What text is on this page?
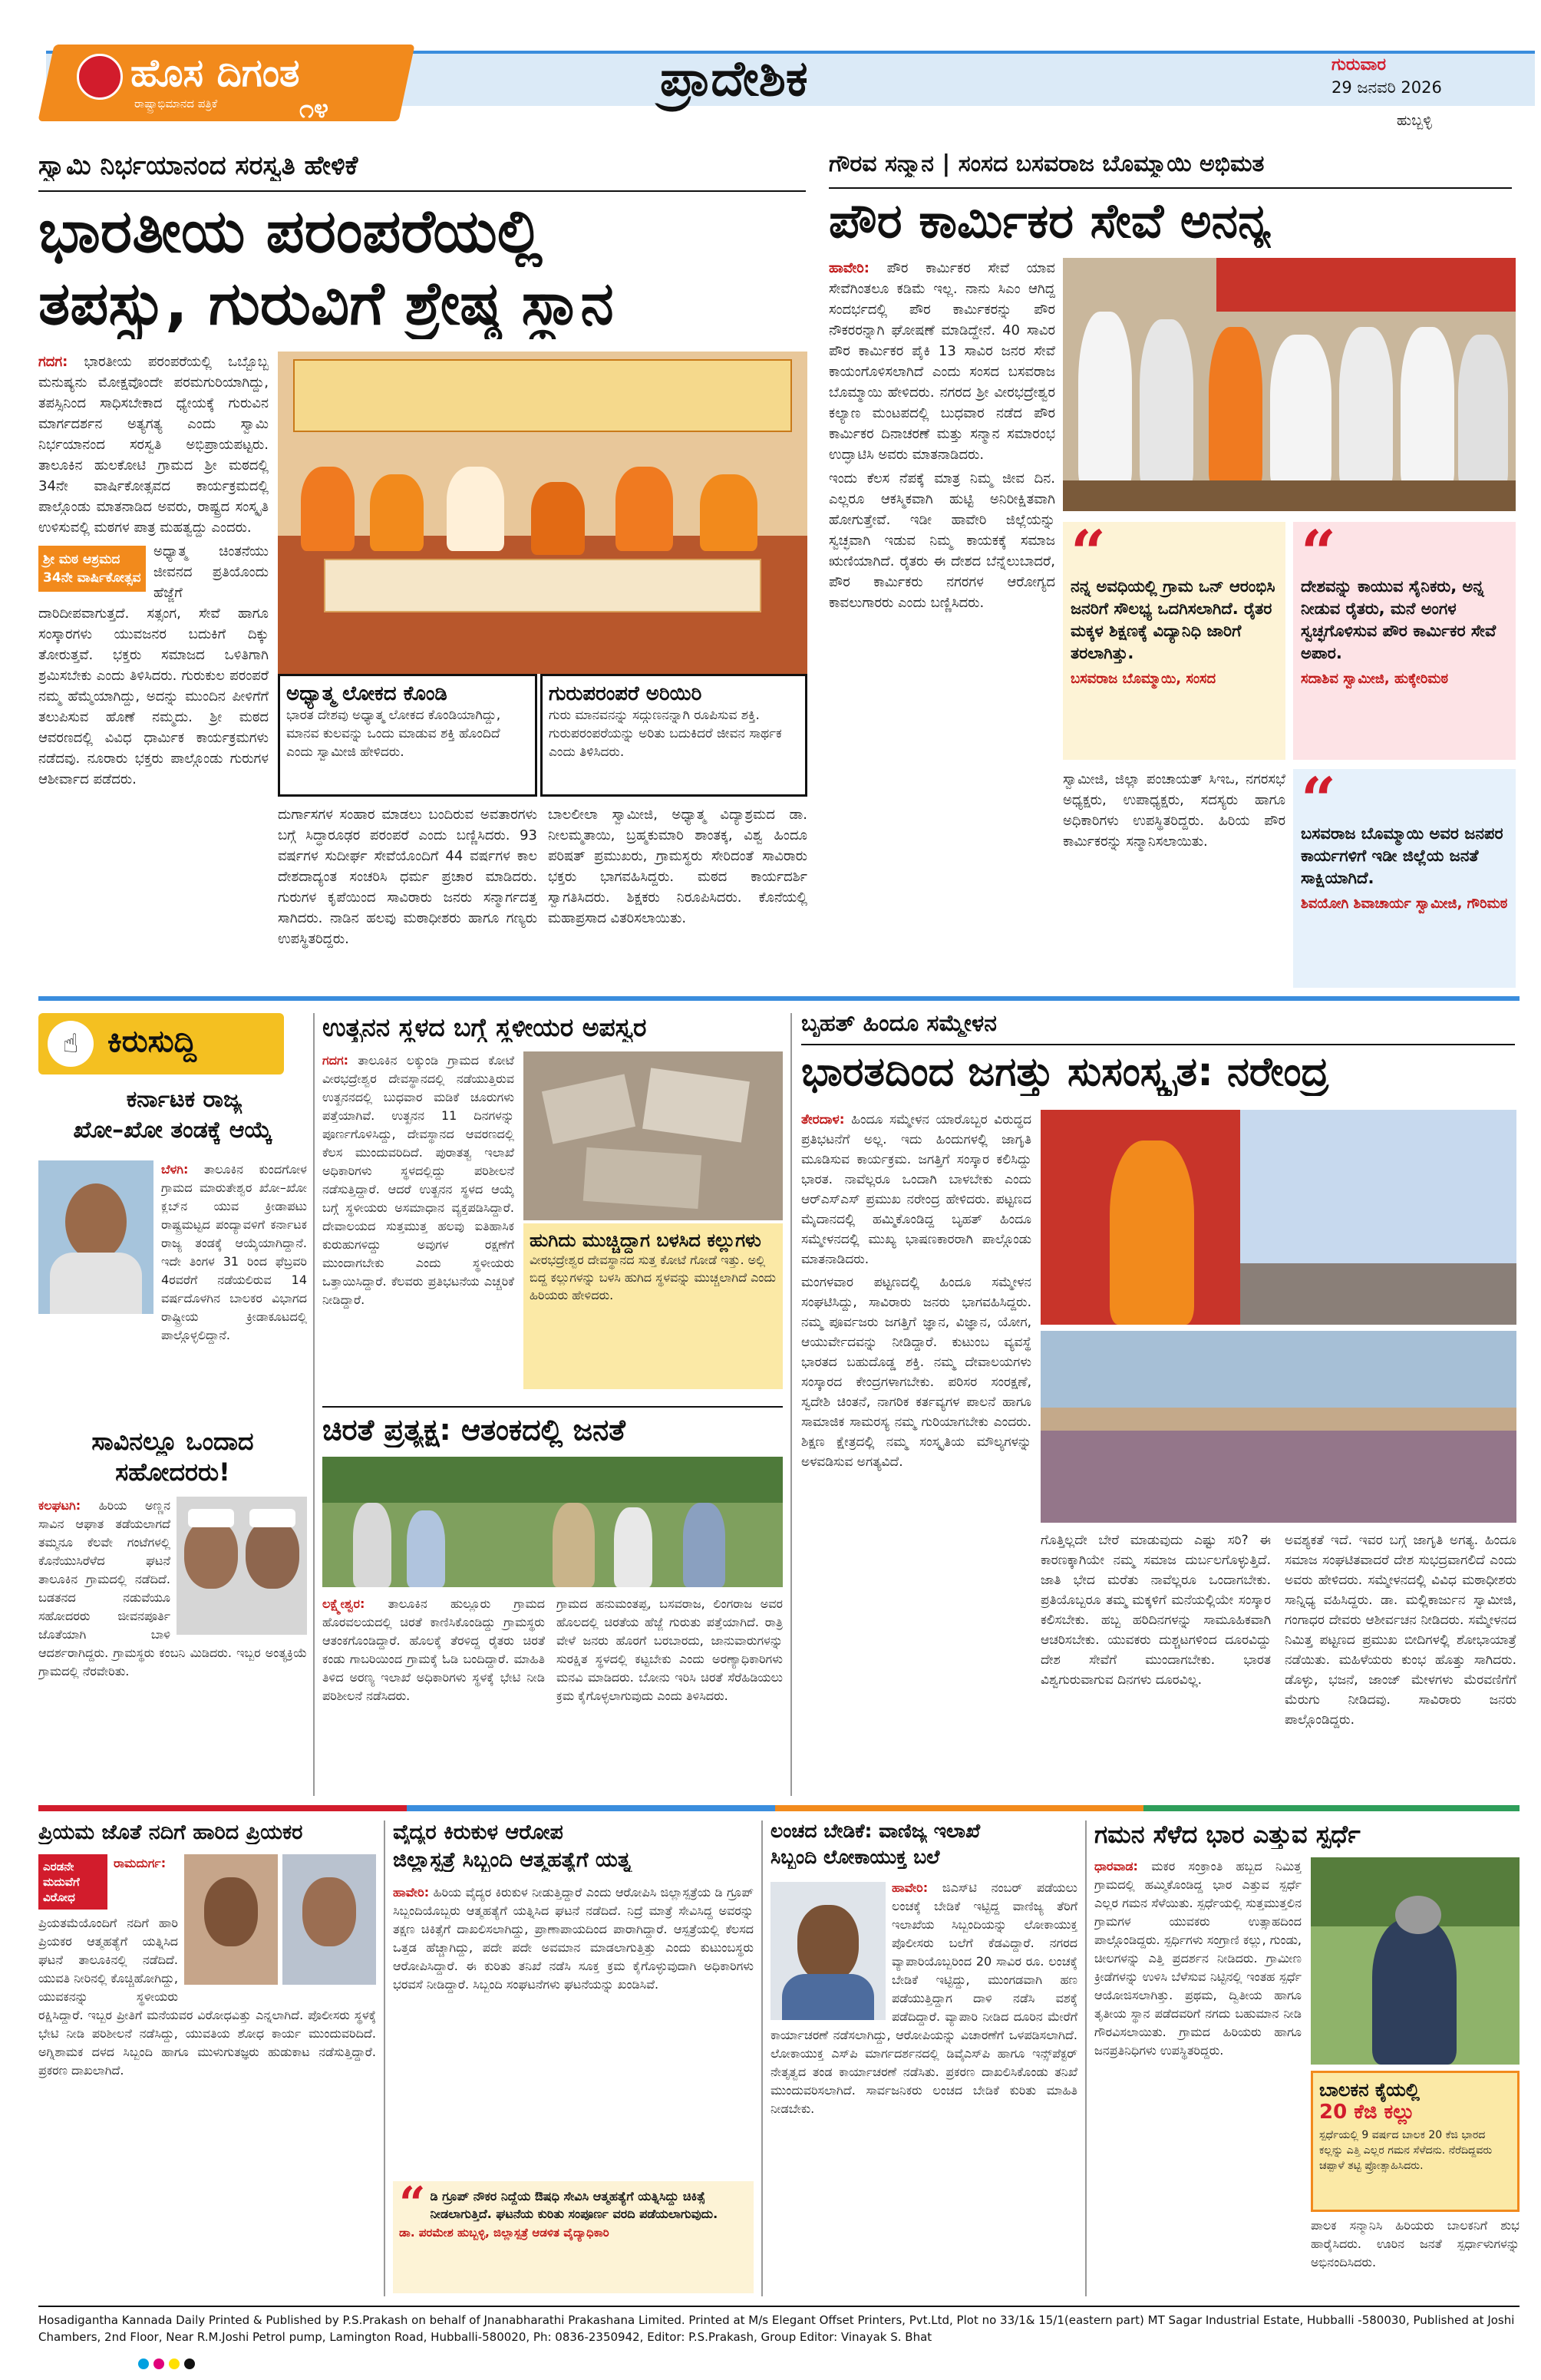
ಹೊಸ ದಿಗಂತ
ರಾಷ್ಟ್ರಾಭಿಮಾನದ ಪತ್ರಿಕೆ	೧೪
ಪ್ರಾದೇಶಿಕ	ಗುರುವಾರ
29 ಜನವರಿ 2026
ಹುಬ್ಬಳ್ಳಿ
ಸ್ವಾಮಿ ನಿರ್ಭಯಾನಂದ ಸರಸ್ವತಿ ಹೇಳಿಕೆ
ಭಾರತೀಯ ಪರಂಪರೆಯಲ್ಲಿ
ತಪಸ್ಸು, ಗುರುವಿಗೆ ಶ್ರೇಷ್ಠ ಸ್ಥಾನ

ಗದಗ: ಭಾರತೀಯ ಪರಂಪರೆಯಲ್ಲಿ ಒಬ್ಬೊಬ್ಬ ಮನುಷ್ಯನು ಮೋಕ್ಷವೊಂದೇ ಪರಮಗುರಿಯಾಗಿದ್ದು, ತಪಸ್ಸಿನಿಂದ ಸಾಧಿಸಬೇಕಾದ ಧ್ಯೇಯಕ್ಕೆ ಗುರುವಿನ ಮಾರ್ಗದರ್ಶನ ಅತ್ಯಗತ್ಯ ಎಂದು ಸ್ವಾಮಿ ನಿರ್ಭಯಾನಂದ ಸರಸ್ವತಿ ಅಭಿಪ್ರಾಯಪಟ್ಟರು. ತಾಲೂಕಿನ ಹುಲಕೋಟಿ ಗ್ರಾಮದ ಶ್ರೀ ಮಠದಲ್ಲಿ 34ನೇ ವಾರ್ಷಿಕೋತ್ಸವದ ಕಾರ್ಯಕ್ರಮದಲ್ಲಿ ಪಾಲ್ಗೊಂಡು ಮಾತನಾಡಿದ ಅವರು, ರಾಷ್ಟ್ರದ ಸಂಸ್ಕೃತಿ ಉಳಿಸುವಲ್ಲಿ ಮಠಗಳ ಪಾತ್ರ ಮಹತ್ವದ್ದು ಎಂದರು.

ಶ್ರೀ ಮಠ ಆಶ್ರಮದ 34ನೇ ವಾರ್ಷಿಕೋತ್ಸವ

ಅಧ್ಯಾತ್ಮ ಚಿಂತನೆಯು ಜೀವನದ ಪ್ರತಿಯೊಂದು ಹೆಜ್ಜೆಗೆ ದಾರಿದೀಪವಾಗುತ್ತದೆ. ಸತ್ಸಂಗ, ಸೇವೆ ಹಾಗೂ ಸಂಸ್ಕಾರಗಳು ಯುವಜನರ ಬದುಕಿಗೆ ದಿಕ್ಕು ತೋರುತ್ತವೆ. ಭಕ್ತರು ಸಮಾಜದ ಒಳಿತಿಗಾಗಿ ಶ್ರಮಿಸಬೇಕು ಎಂದು ತಿಳಿಸಿದರು. ಗುರುಕುಲ ಪರಂಪರೆ ನಮ್ಮ ಹೆಮ್ಮೆಯಾಗಿದ್ದು, ಅದನ್ನು ಮುಂದಿನ ಪೀಳಿಗೆಗೆ ತಲುಪಿಸುವ ಹೊಣೆ ನಮ್ಮದು. ಶ್ರೀ ಮಠದ ಆವರಣದಲ್ಲಿ ವಿವಿಧ ಧಾರ್ಮಿಕ ಕಾರ್ಯಕ್ರಮಗಳು ನಡೆದವು. ನೂರಾರು ಭಕ್ತರು ಪಾಲ್ಗೊಂಡು ಗುರುಗಳ ಆಶೀರ್ವಾದ ಪಡೆದರು.

ಅಧ್ಯಾತ್ಮ ಲೋಕದ ಕೊಂಡಿ
ಭಾರತ ದೇಶವು ಅಧ್ಯಾತ್ಮ ಲೋಕದ ಕೊಂಡಿಯಾಗಿದ್ದು, ಮಾನವ ಕುಲವನ್ನು ಒಂದು ಮಾಡುವ ಶಕ್ತಿ ಹೊಂದಿದೆ ಎಂದು ಸ್ವಾಮೀಜಿ ಹೇಳಿದರು.
ಗುರುಪರಂಪರೆ ಅರಿಯಿರಿ
ಗುರು ಮಾನವನನ್ನು ಸದ್ಗುಣನನ್ನಾಗಿ ರೂಪಿಸುವ ಶಕ್ತಿ. ಗುರುಪರಂಪರೆಯನ್ನು ಅರಿತು ಬದುಕಿದರೆ ಜೀವನ ಸಾರ್ಥಕ ಎಂದು ತಿಳಿಸಿದರು.
ದುರ್ಗಾಸಗಳ ಸಂಹಾರ ಮಾಡಲು ಬಂದಿರುವ ಅವತಾರಗಳು ಬಗ್ಗೆ ಸಿದ್ಧಾರೂಢರ ಪರಂಪರೆ ಎಂದು ಬಣ್ಣಿಸಿದರು. 93 ವರ್ಷಗಳ ಸುದೀರ್ಘ ಸೇವೆಯೊಂದಿಗೆ 44 ವರ್ಷಗಳ ಕಾಲ ದೇಶದಾದ್ಯಂತ ಸಂಚರಿಸಿ ಧರ್ಮ ಪ್ರಚಾರ ಮಾಡಿದರು. ಗುರುಗಳ ಕೃಪೆಯಿಂದ ಸಾವಿರಾರು ಜನರು ಸನ್ಮಾರ್ಗದತ್ತ ಸಾಗಿದರು. ನಾಡಿನ ಹಲವು ಮಠಾಧೀಶರು ಹಾಗೂ ಗಣ್ಯರು ಉಪಸ್ಥಿತರಿದ್ದರು.
ಬಾಲಲೀಲಾ ಸ್ವಾಮೀಜಿ, ಅಧ್ಯಾತ್ಮ ವಿದ್ಯಾಶ್ರಮದ ಡಾ. ನೀಲಮ್ಮತಾಯಿ, ಬ್ರಹ್ಮಕುಮಾರಿ ಶಾಂತಕ್ಕ, ವಿಶ್ವ ಹಿಂದೂ ಪರಿಷತ್ ಪ್ರಮುಖರು, ಗ್ರಾಮಸ್ಥರು ಸೇರಿದಂತೆ ಸಾವಿರಾರು ಭಕ್ತರು ಭಾಗವಹಿಸಿದ್ದರು. ಮಠದ ಕಾರ್ಯದರ್ಶಿ ಸ್ವಾಗತಿಸಿದರು. ಶಿಕ್ಷಕರು ನಿರೂಪಿಸಿದರು. ಕೊನೆಯಲ್ಲಿ ಮಹಾಪ್ರಸಾದ ವಿತರಿಸಲಾಯಿತು.
ಗೌರವ ಸನ್ಮಾನ | ಸಂಸದ ಬಸವರಾಜ ಬೊಮ್ಮಾಯಿ ಅಭಿಮತ
ಪೌರ ಕಾರ್ಮಿಕರ ಸೇವೆ ಅನನ್ಯ

ಹಾವೇರಿ: ಪೌರ ಕಾರ್ಮಿಕರ ಸೇವೆ ಯಾವ ಸೇವೆಗಿಂತಲೂ ಕಡಿಮೆ ಇಲ್ಲ. ನಾನು ಸಿಎಂ ಆಗಿದ್ದ ಸಂದರ್ಭದಲ್ಲಿ ಪೌರ ಕಾರ್ಮಿಕರನ್ನು ಪೌರ ನೌಕರರನ್ನಾಗಿ ಘೋಷಣೆ ಮಾಡಿದ್ದೇನೆ. 40 ಸಾವಿರ ಪೌರ ಕಾರ್ಮಿಕರ ಪೈಕಿ 13 ಸಾವಿರ ಜನರ ಸೇವೆ ಕಾಯಂಗೊಳಿಸಲಾಗಿದೆ ಎಂದು ಸಂಸದ ಬಸವರಾಜ ಬೊಮ್ಮಾಯಿ ಹೇಳಿದರು. ನಗರದ ಶ್ರೀ ವೀರಭದ್ರೇಶ್ವರ ಕಲ್ಯಾಣ ಮಂಟಪದಲ್ಲಿ ಬುಧವಾರ ನಡೆದ ಪೌರ ಕಾರ್ಮಿಕರ ದಿನಾಚರಣೆ ಮತ್ತು ಸನ್ಮಾನ ಸಮಾರಂಭ ಉದ್ಘಾಟಿಸಿ ಅವರು ಮಾತನಾಡಿದರು.

ಇಂದು ಕೆಲಸ ನೆಪಕ್ಕೆ ಮಾತ್ರ ನಿಮ್ಮ ಜೀವ ದಿನ. ಎಲ್ಲರೂ ಆಕಸ್ಮಿಕವಾಗಿ ಹುಟ್ಟಿ ಅನಿರೀಕ್ಷಿತವಾಗಿ ಹೋಗುತ್ತೇವೆ. ಇಡೀ ಹಾವೇರಿ ಜಿಲ್ಲೆಯನ್ನು ಸ್ವಚ್ಛವಾಗಿ ಇಡುವ ನಿಮ್ಮ ಕಾಯಕಕ್ಕೆ ಸಮಾಜ ಋಣಿಯಾಗಿದೆ. ರೈತರು ಈ ದೇಶದ ಬೆನ್ನೆಲುಬಾದರೆ, ಪೌರ ಕಾರ್ಮಿಕರು ನಗರಗಳ ಆರೋಗ್ಯದ ಕಾವಲುಗಾರರು ಎಂದು ಬಣ್ಣಿಸಿದರು.

“
ನನ್ನ ಅವಧಿಯಲ್ಲಿ ಗ್ರಾಮ ಒನ್ ಆರಂಭಿಸಿ ಜನರಿಗೆ ಸೌಲಭ್ಯ ಒದಗಿಸಲಾಗಿದೆ. ರೈತರ ಮಕ್ಕಳ ಶಿಕ್ಷಣಕ್ಕೆ ವಿದ್ಯಾನಿಧಿ ಜಾರಿಗೆ ತರಲಾಗಿತ್ತು.
ಬಸವರಾಜ ಬೊಮ್ಮಾಯಿ, ಸಂಸದ
“
ದೇಶವನ್ನು ಕಾಯುವ ಸೈನಿಕರು, ಅನ್ನ ನೀಡುವ ರೈತರು, ಮನೆ ಅಂಗಳ ಸ್ವಚ್ಛಗೊಳಿಸುವ ಪೌರ ಕಾರ್ಮಿಕರ ಸೇವೆ ಅಪಾರ.
ಸದಾಶಿವ ಸ್ವಾಮೀಜಿ, ಹುಕ್ಕೇರಿಮಠ
ಸ್ವಾಮೀಜಿ, ಜಿಲ್ಲಾ ಪಂಚಾಯತ್ ಸಿಇಒ, ನಗರಸಭೆ ಅಧ್ಯಕ್ಷರು, ಉಪಾಧ್ಯಕ್ಷರು, ಸದಸ್ಯರು ಹಾಗೂ ಅಧಿಕಾರಿಗಳು ಉಪಸ್ಥಿತರಿದ್ದರು. ಹಿರಿಯ ಪೌರ ಕಾರ್ಮಿಕರನ್ನು ಸನ್ಮಾನಿಸಲಾಯಿತು.
“
ಬಸವರಾಜ ಬೊಮ್ಮಾಯಿ ಅವರ ಜನಪರ ಕಾರ್ಯಗಳಿಗೆ ಇಡೀ ಜಿಲ್ಲೆಯ ಜನತೆ ಸಾಕ್ಷಿಯಾಗಿದೆ.
ಶಿವಯೋಗಿ ಶಿವಾಚಾರ್ಯ ಸ್ವಾಮೀಜಿ, ಗೌರಿಮಠ
☝ ಕಿರುಸುದ್ದಿ
ಕರ್ನಾಟಕ ರಾಜ್ಯ
ಖೋ–ಖೋ ತಂಡಕ್ಕೆ ಆಯ್ಕೆ
ಬೆಳಗಿ: ತಾಲೂಕಿನ ಕುಂದಗೋಳ ಗ್ರಾಮದ ಮಾರುತೇಶ್ವರ ಖೋ–ಖೋ ಕ್ಲಬ್‌ನ ಯುವ ಕ್ರೀಡಾಪಟು ರಾಷ್ಟ್ರಮಟ್ಟದ ಪಂದ್ಯಾವಳಿಗೆ ಕರ್ನಾಟಕ ರಾಜ್ಯ ತಂಡಕ್ಕೆ ಆಯ್ಕೆಯಾಗಿದ್ದಾನೆ. ಇದೇ ತಿಂಗಳ 31 ರಿಂದ ಫೆಬ್ರವರಿ 4ರವರೆಗೆ ನಡೆಯಲಿರುವ 14 ವರ್ಷದೊಳಗಿನ ಬಾಲಕರ ವಿಭಾಗದ ರಾಷ್ಟ್ರೀಯ ಕ್ರೀಡಾಕೂಟದಲ್ಲಿ ಪಾಲ್ಗೊಳ್ಳಲಿದ್ದಾನೆ.
ಸಾವಿನಲ್ಲೂ ಒಂದಾದ
ಸಹೋದರರು!
ಕಲಘಟಗಿ: ಹಿರಿಯ ಅಣ್ಣನ ಸಾವಿನ ಆಘಾತ ತಡೆಯಲಾಗದೆ ತಮ್ಮನೂ ಕೆಲವೇ ಗಂಟೆಗಳಲ್ಲಿ ಕೊನೆಯುಸಿರೆಳೆದ ಘಟನೆ ತಾಲೂಕಿನ ಗ್ರಾಮದಲ್ಲಿ ನಡೆದಿದೆ. ಬಡತನದ ನಡುವೆಯೂ ಸಹೋದರರು ಜೀವನಪೂರ್ತಿ ಜೊತೆಯಾಗಿ ಬಾಳಿ ಆದರ್ಶರಾಗಿದ್ದರು. ಗ್ರಾಮಸ್ಥರು ಕಂಬನಿ ಮಿಡಿದರು. ಇಬ್ಬರ ಅಂತ್ಯಕ್ರಿಯೆ ಗ್ರಾಮದಲ್ಲಿ ನೆರವೇರಿತು.
ಉತ್ಖನನ ಸ್ಥಳದ ಬಗ್ಗೆ ಸ್ಥಳೀಯರ ಅಪಸ್ವರ
ಗದಗ: ತಾಲೂಕಿನ ಲಕ್ಕುಂಡಿ ಗ್ರಾಮದ ಕೋಟೆ ವೀರಭದ್ರೇಶ್ವರ ದೇವಸ್ಥಾನದಲ್ಲಿ ನಡೆಯುತ್ತಿರುವ ಉತ್ಖನನದಲ್ಲಿ ಬುಧವಾರ ಮಡಿಕೆ ಚೂರುಗಳು ಪತ್ತೆಯಾಗಿವೆ. ಉತ್ಖನನ 11 ದಿನಗಳನ್ನು ಪೂರ್ಣಗೊಳಿಸಿದ್ದು, ದೇವಸ್ಥಾನದ ಆವರಣದಲ್ಲಿ ಕೆಲಸ ಮುಂದುವರಿದಿದೆ. ಪುರಾತತ್ವ ಇಲಾಖೆ ಅಧಿಕಾರಿಗಳು ಸ್ಥಳದಲ್ಲಿದ್ದು ಪರಿಶೀಲನೆ ನಡೆಸುತ್ತಿದ್ದಾರೆ. ಆದರೆ ಉತ್ಖನನ ಸ್ಥಳದ ಆಯ್ಕೆ ಬಗ್ಗೆ ಸ್ಥಳೀಯರು ಅಸಮಾಧಾನ ವ್ಯಕ್ತಪಡಿಸಿದ್ದಾರೆ. ದೇವಾಲಯದ ಸುತ್ತಮುತ್ತ ಹಲವು ಐತಿಹಾಸಿಕ ಕುರುಹುಗಳಿದ್ದು ಅವುಗಳ ರಕ್ಷಣೆಗೆ ಮುಂದಾಗಬೇಕು ಎಂದು ಸ್ಥಳೀಯರು ಒತ್ತಾಯಿಸಿದ್ದಾರೆ. ಕೆಲವರು ಪ್ರತಿಭಟನೆಯ ಎಚ್ಚರಿಕೆ ನೀಡಿದ್ದಾರೆ.
ಹುಗಿದು ಮುಚ್ಚಿದ್ದಾಗ ಬಳಸಿದ ಕಲ್ಲುಗಳು
ವೀರಭದ್ರೇಶ್ವರ ದೇವಸ್ಥಾನದ ಸುತ್ತ ಕೋಟೆ ಗೋಡೆ ಇತ್ತು. ಅಲ್ಲಿ ಬಿದ್ದ ಕಲ್ಲುಗಳನ್ನು ಬಳಸಿ ಹುಗಿದ ಸ್ಥಳವನ್ನು ಮುಚ್ಚಲಾಗಿದೆ ಎಂದು ಹಿರಿಯರು ಹೇಳಿದರು.
ಚಿರತೆ ಪ್ರತ್ಯಕ್ಷ: ಆತಂಕದಲ್ಲಿ ಜನತೆ
ಲಕ್ಷ್ಮೇಶ್ವರ: ತಾಲೂಕಿನ ಹುಲ್ಲೂರು ಗ್ರಾಮದ ಹೊರವಲಯದಲ್ಲಿ ಚಿರತೆ ಕಾಣಿಸಿಕೊಂಡಿದ್ದು ಗ್ರಾಮಸ್ಥರು ಆತಂಕಗೊಂಡಿದ್ದಾರೆ. ಹೊಲಕ್ಕೆ ತೆರಳಿದ್ದ ರೈತರು ಚಿರತೆ ಕಂಡು ಗಾಬರಿಯಿಂದ ಗ್ರಾಮಕ್ಕೆ ಓಡಿ ಬಂದಿದ್ದಾರೆ. ಮಾಹಿತಿ ತಿಳಿದ ಅರಣ್ಯ ಇಲಾಖೆ ಅಧಿಕಾರಿಗಳು ಸ್ಥಳಕ್ಕೆ ಭೇಟಿ ನೀಡಿ ಪರಿಶೀಲನೆ ನಡೆಸಿದರು.
ಗ್ರಾಮದ ಹನುಮಂತಪ್ಪ, ಬಸವರಾಜ, ಲಿಂಗರಾಜ ಅವರ ಹೊಲದಲ್ಲಿ ಚಿರತೆಯ ಹೆಜ್ಜೆ ಗುರುತು ಪತ್ತೆಯಾಗಿದೆ. ರಾತ್ರಿ ವೇಳೆ ಜನರು ಹೊರಗೆ ಬರಬಾರದು, ಜಾನುವಾರುಗಳನ್ನು ಸುರಕ್ಷಿತ ಸ್ಥಳದಲ್ಲಿ ಕಟ್ಟಬೇಕು ಎಂದು ಅರಣ್ಯಾಧಿಕಾರಿಗಳು ಮನವಿ ಮಾಡಿದರು. ಬೋನು ಇರಿಸಿ ಚಿರತೆ ಸೆರೆಹಿಡಿಯಲು ಕ್ರಮ ಕೈಗೊಳ್ಳಲಾಗುವುದು ಎಂದು ತಿಳಿಸಿದರು.
ಬೃಹತ್ ಹಿಂದೂ ಸಮ್ಮೇಳನ
ಭಾರತದಿಂದ ಜಗತ್ತು ಸುಸಂಸ್ಕೃತ: ನರೇಂದ್ರ

ತೇರದಾಳ: ಹಿಂದೂ ಸಮ್ಮೇಳನ ಯಾರೊಬ್ಬರ ವಿರುದ್ಧದ ಪ್ರತಿಭಟನೆಗೆ ಅಲ್ಲ. ಇದು ಹಿಂದುಗಳಲ್ಲಿ ಜಾಗೃತಿ ಮೂಡಿಸುವ ಕಾರ್ಯಕ್ರಮ. ಜಗತ್ತಿಗೆ ಸಂಸ್ಕಾರ ಕಲಿಸಿದ್ದು ಭಾರತ. ನಾವೆಲ್ಲರೂ ಒಂದಾಗಿ ಬಾಳಬೇಕು ಎಂದು ಆರ್‌ಎಸ್‌ಎಸ್ ಪ್ರಮುಖ ನರೇಂದ್ರ ಹೇಳಿದರು. ಪಟ್ಟಣದ ಮೈದಾನದಲ್ಲಿ ಹಮ್ಮಿಕೊಂಡಿದ್ದ ಬೃಹತ್ ಹಿಂದೂ ಸಮ್ಮೇಳನದಲ್ಲಿ ಮುಖ್ಯ ಭಾಷಣಕಾರರಾಗಿ ಪಾಲ್ಗೊಂಡು ಮಾತನಾಡಿದರು.

ಮಂಗಳವಾರ ಪಟ್ಟಣದಲ್ಲಿ ಹಿಂದೂ ಸಮ್ಮೇಳನ ಸಂಘಟಿಸಿದ್ದು, ಸಾವಿರಾರು ಜನರು ಭಾಗವಹಿಸಿದ್ದರು. ನಮ್ಮ ಪೂರ್ವಜರು ಜಗತ್ತಿಗೆ ಜ್ಞಾನ, ವಿಜ್ಞಾನ, ಯೋಗ, ಆಯುರ್ವೇದವನ್ನು ನೀಡಿದ್ದಾರೆ. ಕುಟುಂಬ ವ್ಯವಸ್ಥೆ ಭಾರತದ ಬಹುದೊಡ್ಡ ಶಕ್ತಿ. ನಮ್ಮ ದೇವಾಲಯಗಳು ಸಂಸ್ಕಾರದ ಕೇಂದ್ರಗಳಾಗಬೇಕು. ಪರಿಸರ ಸಂರಕ್ಷಣೆ, ಸ್ವದೇಶಿ ಚಿಂತನೆ, ನಾಗರಿಕ ಕರ್ತವ್ಯಗಳ ಪಾಲನೆ ಹಾಗೂ ಸಾಮಾಜಿಕ ಸಾಮರಸ್ಯ ನಮ್ಮ ಗುರಿಯಾಗಬೇಕು ಎಂದರು. ಶಿಕ್ಷಣ ಕ್ಷೇತ್ರದಲ್ಲಿ ನಮ್ಮ ಸಂಸ್ಕೃತಿಯ ಮೌಲ್ಯಗಳನ್ನು ಅಳವಡಿಸುವ ಅಗತ್ಯವಿದೆ.

ಗೊತ್ತಿಲ್ಲದೇ ಬೇರೆ ಮಾಡುವುದು ಎಷ್ಟು ಸರಿ? ಈ ಕಾರಣಕ್ಕಾಗಿಯೇ ನಮ್ಮ ಸಮಾಜ ದುರ್ಬಲಗೊಳ್ಳುತ್ತಿದೆ. ಜಾತಿ ಭೇದ ಮರೆತು ನಾವೆಲ್ಲರೂ ಒಂದಾಗಬೇಕು. ಪ್ರತಿಯೊಬ್ಬರೂ ತಮ್ಮ ಮಕ್ಕಳಿಗೆ ಮನೆಯಲ್ಲಿಯೇ ಸಂಸ್ಕಾರ ಕಲಿಸಬೇಕು. ಹಬ್ಬ ಹರಿದಿನಗಳನ್ನು ಸಾಮೂಹಿಕವಾಗಿ ಆಚರಿಸಬೇಕು. ಯುವಕರು ದುಶ್ಚಟಗಳಿಂದ ದೂರವಿದ್ದು ದೇಶ ಸೇವೆಗೆ ಮುಂದಾಗಬೇಕು. ಭಾರತ ವಿಶ್ವಗುರುವಾಗುವ ದಿನಗಳು ದೂರವಿಲ್ಲ.
ಅವಶ್ಯಕತೆ ಇದೆ. ಇವರ ಬಗ್ಗೆ ಜಾಗೃತಿ ಅಗತ್ಯ. ಹಿಂದೂ ಸಮಾಜ ಸಂಘಟಿತವಾದರೆ ದೇಶ ಸುಭದ್ರವಾಗಲಿದೆ ಎಂದು ಅವರು ಹೇಳಿದರು. ಸಮ್ಮೇಳನದಲ್ಲಿ ವಿವಿಧ ಮಠಾಧೀಶರು ಸಾನ್ನಿಧ್ಯ ವಹಿಸಿದ್ದರು. ಡಾ. ಮಲ್ಲಿಕಾರ್ಜುನ ಸ್ವಾಮೀಜಿ, ಗಂಗಾಧರ ದೇವರು ಆಶೀರ್ವಚನ ನೀಡಿದರು. ಸಮ್ಮೇಳನದ ನಿಮಿತ್ತ ಪಟ್ಟಣದ ಪ್ರಮುಖ ಬೀದಿಗಳಲ್ಲಿ ಶೋಭಾಯಾತ್ರೆ ನಡೆಯಿತು. ಮಹಿಳೆಯರು ಕುಂಭ ಹೊತ್ತು ಸಾಗಿದರು. ಡೊಳ್ಳು, ಭಜನೆ, ಜಾಂಜ್ ಮೇಳಗಳು ಮೆರವಣಿಗೆಗೆ ಮೆರುಗು ನೀಡಿದವು. ಸಾವಿರಾರು ಜನರು ಪಾಲ್ಗೊಂಡಿದ್ದರು.
ಪ್ರಿಯಮ ಜೊತೆ ನದಿಗೆ ಹಾರಿದ ಪ್ರಿಯಕರ
ಎರಡನೇ ಮದುವೆಗೆ ವಿರೋಧ
ರಾಮದುರ್ಗ: ಪ್ರಿಯತಮೆಯೊಂದಿಗೆ ನದಿಗೆ ಹಾರಿ ಪ್ರಿಯಕರ ಆತ್ಮಹತ್ಯೆಗೆ ಯತ್ನಿಸಿದ ಘಟನೆ ತಾಲೂಕಿನಲ್ಲಿ ನಡೆದಿದೆ. ಯುವತಿ ನೀರಿನಲ್ಲಿ ಕೊಚ್ಚಿಹೋಗಿದ್ದು, ಯುವಕನನ್ನು ಸ್ಥಳೀಯರು ರಕ್ಷಿಸಿದ್ದಾರೆ. ಇಬ್ಬರ ಪ್ರೀತಿಗೆ ಮನೆಯವರ ವಿರೋಧವಿತ್ತು ಎನ್ನಲಾಗಿದೆ. ಪೊಲೀಸರು ಸ್ಥಳಕ್ಕೆ ಭೇಟಿ ನೀಡಿ ಪರಿಶೀಲನೆ ನಡೆಸಿದ್ದು, ಯುವತಿಯ ಶೋಧ ಕಾರ್ಯ ಮುಂದುವರಿದಿದೆ. ಅಗ್ನಿಶಾಮಕ ದಳದ ಸಿಬ್ಬಂದಿ ಹಾಗೂ ಮುಳುಗುತಜ್ಞರು ಹುಡುಕಾಟ ನಡೆಸುತ್ತಿದ್ದಾರೆ. ಪ್ರಕರಣ ದಾಖಲಾಗಿದೆ.
ವೈದ್ಯರ ಕಿರುಕುಳ ಆರೋಪ
ಜಿಲ್ಲಾಸ್ಪತ್ರೆ ಸಿಬ್ಬಂದಿ ಆತ್ಮಹತ್ಯೆಗೆ ಯತ್ನ
ಹಾವೇರಿ: ಹಿರಿಯ ವೈದ್ಯರ ಕಿರುಕುಳ ನೀಡುತ್ತಿದ್ದಾರೆ ಎಂದು ಆರೋಪಿಸಿ ಜಿಲ್ಲಾಸ್ಪತ್ರೆಯ ಡಿ ಗ್ರೂಪ್ ಸಿಬ್ಬಂದಿಯೊಬ್ಬರು ಆತ್ಮಹತ್ಯೆಗೆ ಯತ್ನಿಸಿದ ಘಟನೆ ನಡೆದಿದೆ. ನಿದ್ರೆ ಮಾತ್ರೆ ಸೇವಿಸಿದ್ದ ಅವರನ್ನು ತಕ್ಷಣ ಚಿಕಿತ್ಸೆಗೆ ದಾಖಲಿಸಲಾಗಿದ್ದು, ಪ್ರಾಣಾಪಾಯದಿಂದ ಪಾರಾಗಿದ್ದಾರೆ. ಆಸ್ಪತ್ರೆಯಲ್ಲಿ ಕೆಲಸದ ಒತ್ತಡ ಹೆಚ್ಚಾಗಿದ್ದು, ಪದೇ ಪದೇ ಅವಮಾನ ಮಾಡಲಾಗುತ್ತಿತ್ತು ಎಂದು ಕುಟುಂಬಸ್ಥರು ಆರೋಪಿಸಿದ್ದಾರೆ. ಈ ಕುರಿತು ತನಿಖೆ ನಡೆಸಿ ಸೂಕ್ತ ಕ್ರಮ ಕೈಗೊಳ್ಳುವುದಾಗಿ ಅಧಿಕಾರಿಗಳು ಭರವಸೆ ನೀಡಿದ್ದಾರೆ. ಸಿಬ್ಬಂದಿ ಸಂಘಟನೆಗಳು ಘಟನೆಯನ್ನು ಖಂಡಿಸಿವೆ.
“ ಡಿ ಗ್ರೂಪ್ ನೌಕರ ನಿದ್ದೆಯ ಔಷಧಿ ಸೇವಿಸಿ ಆತ್ಮಹತ್ಯೆಗೆ ಯತ್ನಿಸಿದ್ದು ಚಿಕಿತ್ಸೆ ನೀಡಲಾಗುತ್ತಿದೆ. ಘಟನೆಯ ಕುರಿತು ಸಂಪೂರ್ಣ ವರದಿ ಪಡೆಯಲಾಗುವುದು.
ಡಾ. ಪರಮೇಶ ಹುಬ್ಬಳ್ಳಿ, ಜಿಲ್ಲಾಸ್ಪತ್ರೆ ಆಡಳಿತ ವೈದ್ಯಾಧಿಕಾರಿ
ಲಂಚದ ಬೇಡಿಕೆ: ವಾಣಿಜ್ಯ ಇಲಾಖೆ
ಸಿಬ್ಬಂದಿ ಲೋಕಾಯುಕ್ತ ಬಲೆ
ಹಾವೇರಿ: ಜಿಎಸ್‌ಟಿ ನಂಬರ್ ಪಡೆಯಲು ಲಂಚಕ್ಕೆ ಬೇಡಿಕೆ ಇಟ್ಟಿದ್ದ ವಾಣಿಜ್ಯ ತೆರಿಗೆ ಇಲಾಖೆಯ ಸಿಬ್ಬಂದಿಯನ್ನು ಲೋಕಾಯುಕ್ತ ಪೊಲೀಸರು ಬಲೆಗೆ ಕೆಡವಿದ್ದಾರೆ. ನಗರದ ವ್ಯಾಪಾರಿಯೊಬ್ಬರಿಂದ 20 ಸಾವಿರ ರೂ. ಲಂಚಕ್ಕೆ ಬೇಡಿಕೆ ಇಟ್ಟಿದ್ದು, ಮುಂಗಡವಾಗಿ ಹಣ ಪಡೆಯುತ್ತಿದ್ದಾಗ ದಾಳಿ ನಡೆಸಿ ವಶಕ್ಕೆ ಪಡೆದಿದ್ದಾರೆ. ವ್ಯಾಪಾರಿ ನೀಡಿದ ದೂರಿನ ಮೇರೆಗೆ ಕಾರ್ಯಾಚರಣೆ ನಡೆಸಲಾಗಿದ್ದು, ಆರೋಪಿಯನ್ನು ವಿಚಾರಣೆಗೆ ಒಳಪಡಿಸಲಾಗಿದೆ. ಲೋಕಾಯುಕ್ತ ಎಸ್‌ಪಿ ಮಾರ್ಗದರ್ಶನದಲ್ಲಿ ಡಿವೈಎಸ್‌ಪಿ ಹಾಗೂ ಇನ್ಸ್‌ಪೆಕ್ಟರ್ ನೇತೃತ್ವದ ತಂಡ ಕಾರ್ಯಾಚರಣೆ ನಡೆಸಿತು. ಪ್ರಕರಣ ದಾಖಲಿಸಿಕೊಂಡು ತನಿಖೆ ಮುಂದುವರಿಸಲಾಗಿದೆ. ಸಾರ್ವಜನಿಕರು ಲಂಚದ ಬೇಡಿಕೆ ಕುರಿತು ಮಾಹಿತಿ ನೀಡಬೇಕು.
ಗಮನ ಸೆಳೆದ ಭಾರ ಎತ್ತುವ ಸ್ಪರ್ಧೆ
ಧಾರವಾಡ: ಮಕರ ಸಂಕ್ರಾಂತಿ ಹಬ್ಬದ ನಿಮಿತ್ತ ಗ್ರಾಮದಲ್ಲಿ ಹಮ್ಮಿಕೊಂಡಿದ್ದ ಭಾರ ಎತ್ತುವ ಸ್ಪರ್ಧೆ ಎಲ್ಲರ ಗಮನ ಸೆಳೆಯಿತು. ಸ್ಪರ್ಧೆಯಲ್ಲಿ ಸುತ್ತಮುತ್ತಲಿನ ಗ್ರಾಮಗಳ ಯುವಕರು ಉತ್ಸಾಹದಿಂದ ಪಾಲ್ಗೊಂಡಿದ್ದರು. ಸ್ಪರ್ಧಿಗಳು ಸಂಗ್ರಾಣಿ ಕಲ್ಲು, ಗುಂಡು, ಚೀಲಗಳನ್ನು ಎತ್ತಿ ಪ್ರದರ್ಶನ ನೀಡಿದರು. ಗ್ರಾಮೀಣ ಕ್ರೀಡೆಗಳನ್ನು ಉಳಿಸಿ ಬೆಳೆಸುವ ನಿಟ್ಟಿನಲ್ಲಿ ಇಂತಹ ಸ್ಪರ್ಧೆ ಆಯೋಜಿಸಲಾಗಿತ್ತು. ಪ್ರಥಮ, ದ್ವಿತೀಯ ಹಾಗೂ ತೃತೀಯ ಸ್ಥಾನ ಪಡೆದವರಿಗೆ ನಗದು ಬಹುಮಾನ ನೀಡಿ ಗೌರವಿಸಲಾಯಿತು. ಗ್ರಾಮದ ಹಿರಿಯರು ಹಾಗೂ ಜನಪ್ರತಿನಿಧಿಗಳು ಉಪಸ್ಥಿತರಿದ್ದರು.
ಬಾಲಕನ ಕೈಯಲ್ಲಿ
20 ಕೆಜಿ ಕಲ್ಲು
ಸ್ಪರ್ಧೆಯಲ್ಲಿ 9 ವರ್ಷದ ಬಾಲಕ 20 ಕೆಜಿ ಭಾರದ ಕಲ್ಲನ್ನು ಎತ್ತಿ ಎಲ್ಲರ ಗಮನ ಸೆಳೆದನು. ನೆರೆದಿದ್ದವರು ಚಪ್ಪಾಳೆ ತಟ್ಟಿ ಪ್ರೋತ್ಸಾಹಿಸಿದರು.
ಪಾಲಕ ಸನ್ಮಾನಿಸಿ ಹಿರಿಯರು ಬಾಲಕನಿಗೆ ಶುಭ ಹಾರೈಸಿದರು. ಊರಿನ ಜನತೆ ಸ್ಪರ್ಧಾಳುಗಳನ್ನು ಅಭಿನಂದಿಸಿದರು.
Hosadigantha Kannada Daily Printed & Published by P.S.Prakash on behalf of Jnanabharathi Prakashana Limited. Printed at M/s Elegant Offset Printers, Pvt.Ltd, Plot no 33/1& 15/1(eastern part) MT Sagar Industrial Estate, Hubballi -580030, Published at Joshi Chambers, 2nd Floor, Near R.M.Joshi Petrol pump, Lamington Road, Hubballi-580020, Ph: 0836-2350942, Editor: P.S.Prakash, Group Editor: Vinayak S. Bhat
